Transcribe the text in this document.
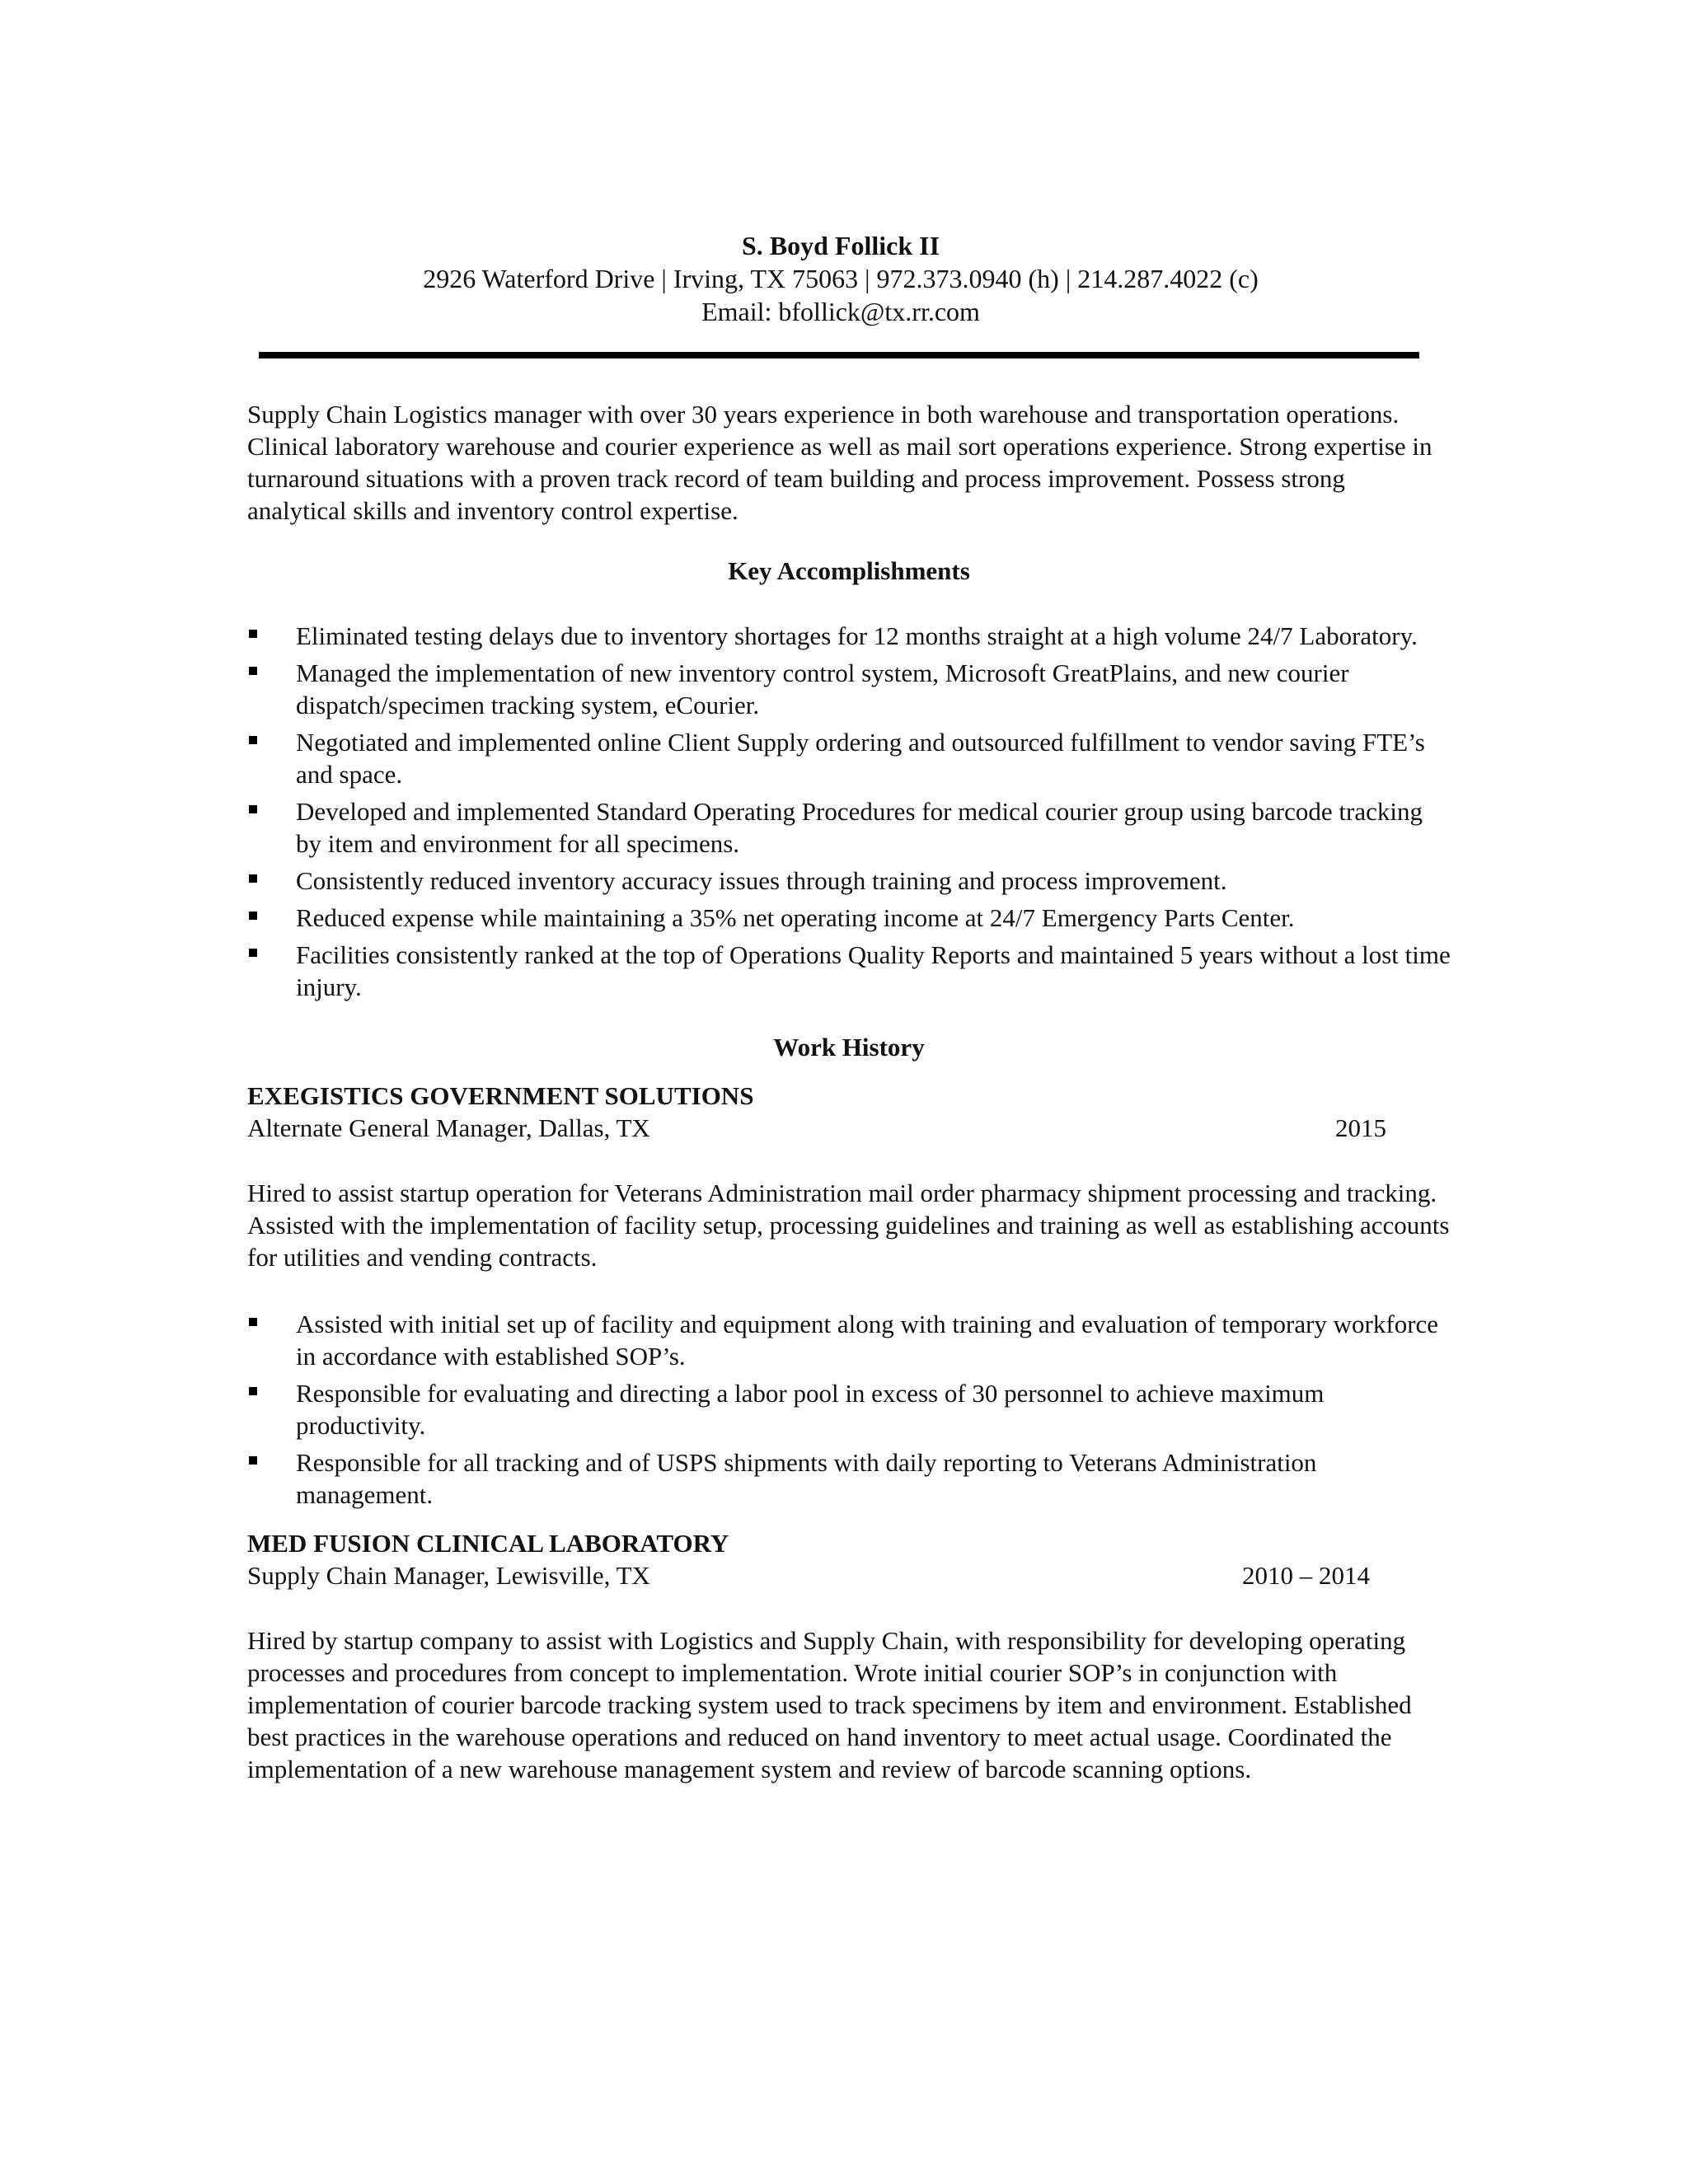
S. Boyd Follick II
2926 Waterford Drive | Irving, TX 75063 | 972.373.0940 (h) | 214.287.4022 (c)
Email: bfollick@tx.rr.com

Supply Chain Logistics manager with over 30 years experience in both warehouse and transportation operations. Clinical laboratory warehouse and courier experience as well as mail sort operations experience. Strong expertise in turnaround situations with a proven track record of team building and process improvement. Possess strong analytical skills and inventory control expertise.

Key Accomplishments

Eliminated testing delays due to inventory shortages for 12 months straight at a high volume 24/7 Laboratory.
Managed the implementation of new inventory control system, Microsoft GreatPlains, and new courier dispatch/specimen tracking system, eCourier.
Negotiated and implemented online Client Supply ordering and outsourced fulfillment to vendor saving FTE’s and space.
Developed and implemented Standard Operating Procedures for medical courier group using barcode tracking by item and environment for all specimens.
Consistently reduced inventory accuracy issues through training and process improvement.
Reduced expense while maintaining a 35% net operating income at 24/7 Emergency Parts Center.
Facilities consistently ranked at the top of Operations Quality Reports and maintained 5 years without a lost time injury.

Work History

EXEGISTICS GOVERNMENT SOLUTIONS

Alternate General Manager, Dallas, TX	2015

Hired to assist startup operation for Veterans Administration mail order pharmacy shipment processing and tracking. Assisted with the implementation of facility setup, processing guidelines and training as well as establishing accounts for utilities and vending contracts.

Assisted with initial set up of facility and equipment along with training and evaluation of temporary workforce in accordance with established SOP’s.
Responsible for evaluating and directing a labor pool in excess of 30 personnel to achieve maximum productivity.
Responsible for all tracking and of USPS shipments with daily reporting to Veterans Administration management.

MED FUSION CLINICAL LABORATORY

Supply Chain Manager, Lewisville, TX	2010 – 2014

Hired by startup company to assist with Logistics and Supply Chain, with responsibility for developing operating processes and procedures from concept to implementation. Wrote initial courier SOP’s in conjunction with implementation of courier barcode tracking system used to track specimens by item and environment. Established best practices in the warehouse operations and reduced on hand inventory to meet actual usage. Coordinated the implementation of a new warehouse management system and review of barcode scanning options.
